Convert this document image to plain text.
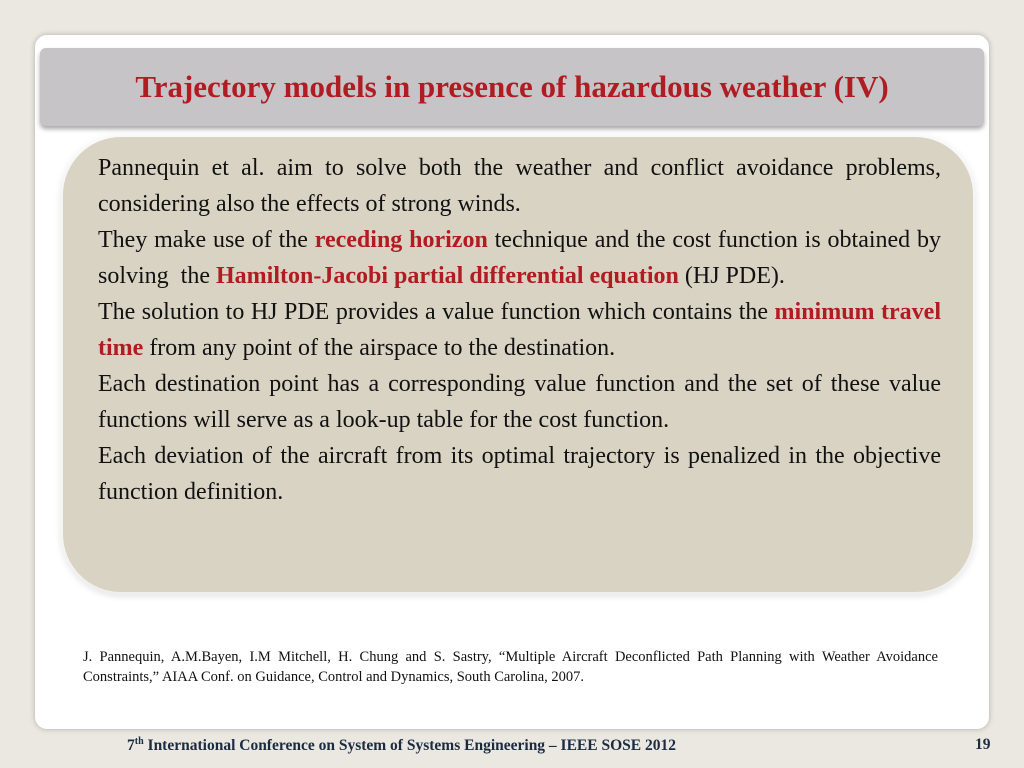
Trajectory models in presence of hazardous weather (IV)

Pannequin et al. aim to solve both the weather and conflict avoidance problems, considering also the effects of strong winds.

They make use of the receding horizon technique and the cost function is obtained by solving  the Hamilton-Jacobi partial differential equation (HJ PDE).

The solution to HJ PDE provides a value function which contains the minimum travel time from any point of the airspace to the destination.

Each destination point has a corresponding value function and the set of these value functions will serve as a look-up table for the cost function.

Each deviation of the aircraft from its optimal trajectory is penalized in the objective function definition.

J. Pannequin, A.M.Bayen, I.M Mitchell, H. Chung and S. Sastry, “Multiple Aircraft Deconflicted Path Planning with Weather Avoidance Constraints,” AIAA Conf. on Guidance, Control and Dynamics, South Carolina, 2007.
7th International Conference on System of Systems Engineering – IEEE SOSE 2012	19
